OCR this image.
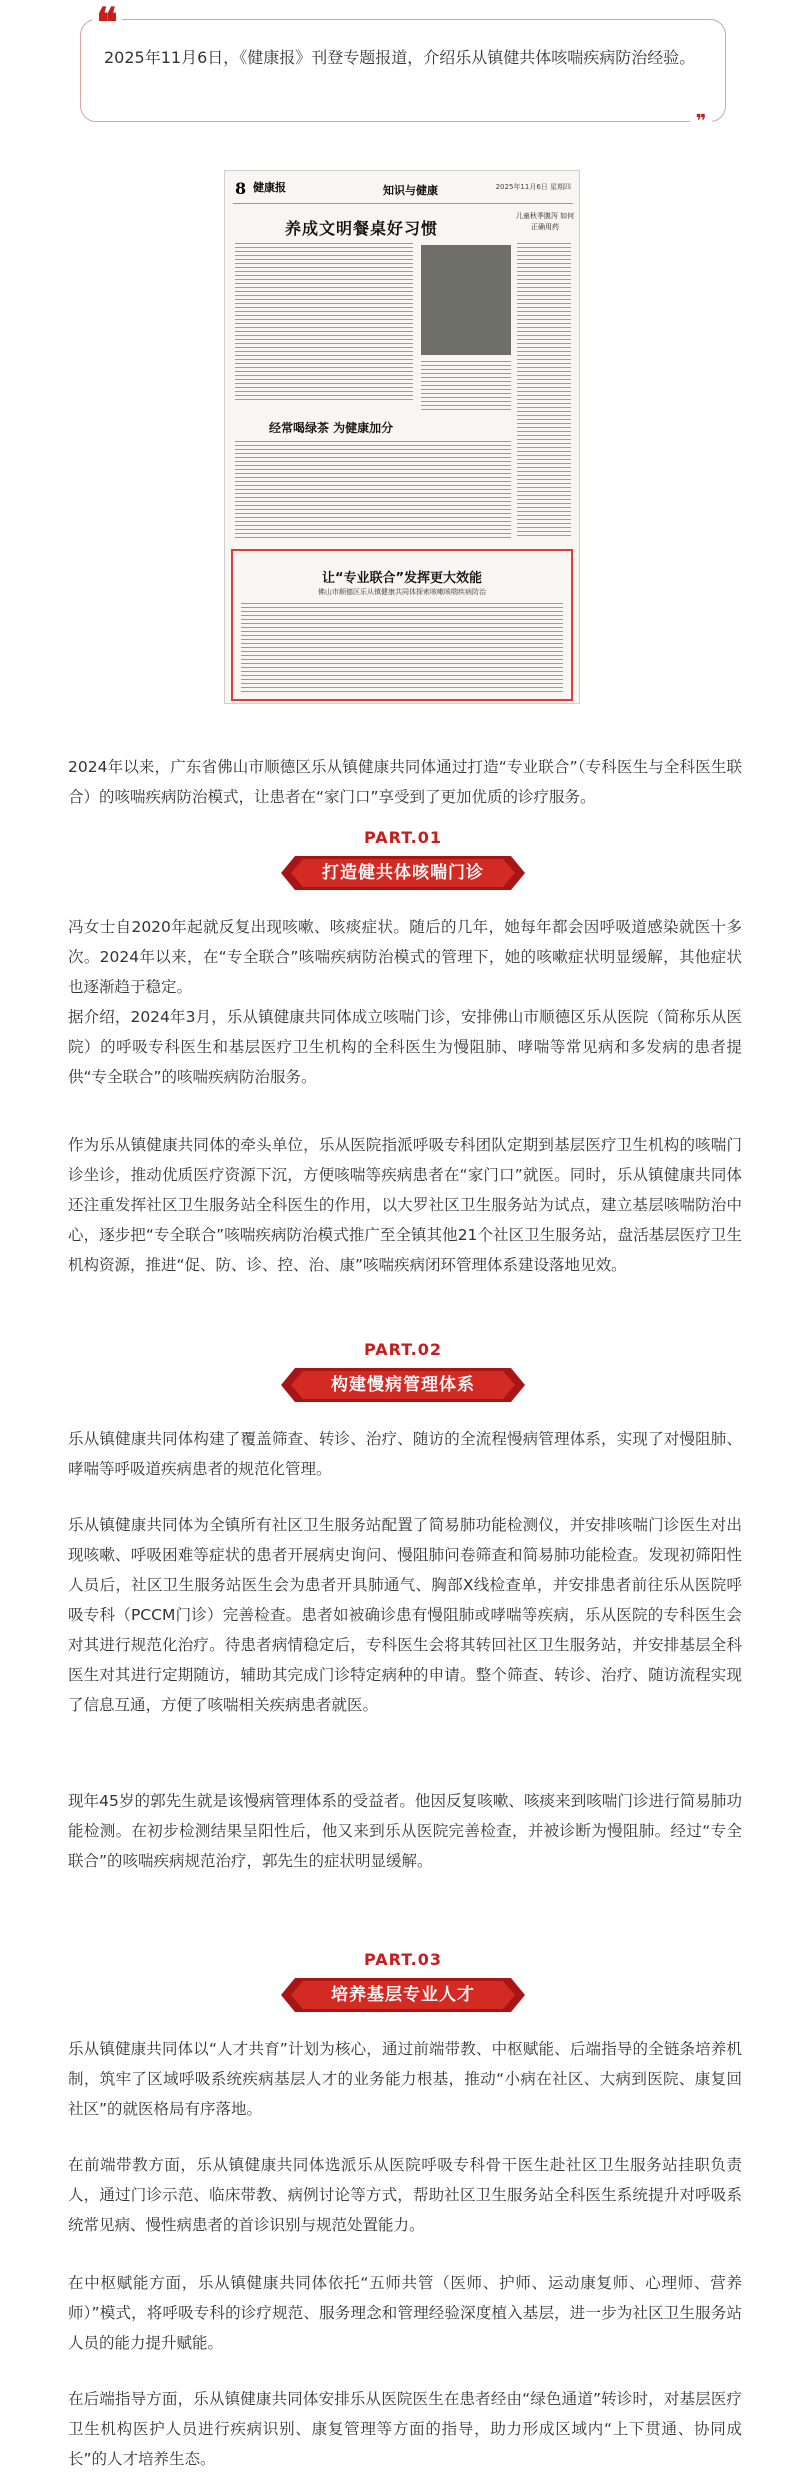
❝
❞
2025年11月6日，《健康报》刊登专题报道，介绍乐从镇健共体咳喘疾病防治经验。
8 健康报	知识与健康	2025年11月6日 星期四
养成文明餐桌好习惯
儿童秋季腹泻 如何正确用药
公勺公筷 文明用餐
经常喝绿茶 为健康加分
让“专业联合”发挥更大效能
佛山市顺德区乐从镇健康共同体探索咳嗽咳喘疾病防治

2024年以来，广东省佛山市顺德区乐从镇健康共同体通过打造“专业联合”（专科医生与全科医生联合）的咳喘疾病防治模式，让患者在“家门口”享受到了更加优质的诊疗服务。

PART.01
打造健共体咳喘门诊

冯女士自2020年起就反复出现咳嗽、咳痰症状。随后的几年，她每年都会因呼吸道感染就医十多次。2024年以来，在“专全联合”咳喘疾病防治模式的管理下，她的咳嗽症状明显缓解，其他症状也逐渐趋于稳定。

据介绍，2024年3月，乐从镇健康共同体成立咳喘门诊，安排佛山市顺德区乐从医院（简称乐从医院）的呼吸专科医生和基层医疗卫生机构的全科医生为慢阻肺、哮喘等常见病和多发病的患者提供“专全联合”的咳喘疾病防治服务。

作为乐从镇健康共同体的牵头单位，乐从医院指派呼吸专科团队定期到基层医疗卫生机构的咳喘门诊坐诊，推动优质医疗资源下沉，方便咳喘等疾病患者在“家门口”就医。同时，乐从镇健康共同体还注重发挥社区卫生服务站全科医生的作用，以大罗社区卫生服务站为试点，建立基层咳喘防治中心，逐步把“专全联合”咳喘疾病防治模式推广至全镇其他21个社区卫生服务站，盘活基层医疗卫生机构资源，推进“促、防、诊、控、治、康”咳喘疾病闭环管理体系建设落地见效。

PART.02
构建慢病管理体系

乐从镇健康共同体构建了覆盖筛查、转诊、治疗、随访的全流程慢病管理体系，实现了对慢阻肺、哮喘等呼吸道疾病患者的规范化管理。

乐从镇健康共同体为全镇所有社区卫生服务站配置了简易肺功能检测仪，并安排咳喘门诊医生对出现咳嗽、呼吸困难等症状的患者开展病史询问、慢阻肺问卷筛查和简易肺功能检查。发现初筛阳性人员后，社区卫生服务站医生会为患者开具肺通气、胸部X线检查单，并安排患者前往乐从医院呼吸专科（PCCM门诊）完善检查。患者如被确诊患有慢阻肺或哮喘等疾病，乐从医院的专科医生会对其进行规范化治疗。待患者病情稳定后，专科医生会将其转回社区卫生服务站，并安排基层全科医生对其进行定期随访，辅助其完成门诊特定病种的申请。整个筛查、转诊、治疗、随访流程实现了信息互通，方便了咳喘相关疾病患者就医。

现年45岁的郭先生就是该慢病管理体系的受益者。他因反复咳嗽、咳痰来到咳喘门诊进行简易肺功能检测。在初步检测结果呈阳性后，他又来到乐从医院完善检查，并被诊断为慢阻肺。经过“专全联合”的咳喘疾病规范治疗，郭先生的症状明显缓解。

PART.03
培养基层专业人才

乐从镇健康共同体以“人才共育”计划为核心，通过前端带教、中枢赋能、后端指导的全链条培养机制，筑牢了区域呼吸系统疾病基层人才的业务能力根基，推动“小病在社区、大病到医院、康复回社区”的就医格局有序落地。

在前端带教方面，乐从镇健康共同体选派乐从医院呼吸专科骨干医生赴社区卫生服务站挂职负责人，通过门诊示范、临床带教、病例讨论等方式，帮助社区卫生服务站全科医生系统提升对呼吸系统常见病、慢性病患者的首诊识别与规范处置能力。

在中枢赋能方面，乐从镇健康共同体依托“五师共管（医师、护师、运动康复师、心理师、营养师）”模式，将呼吸专科的诊疗规范、服务理念和管理经验深度植入基层，进一步为社区卫生服务站人员的能力提升赋能。

在后端指导方面，乐从镇健康共同体安排乐从医院医生在患者经由“绿色通道”转诊时，对基层医疗卫生机构医护人员进行疾病识别、康复管理等方面的指导，助力形成区域内“上下贯通、协同成长”的人才培养生态。
